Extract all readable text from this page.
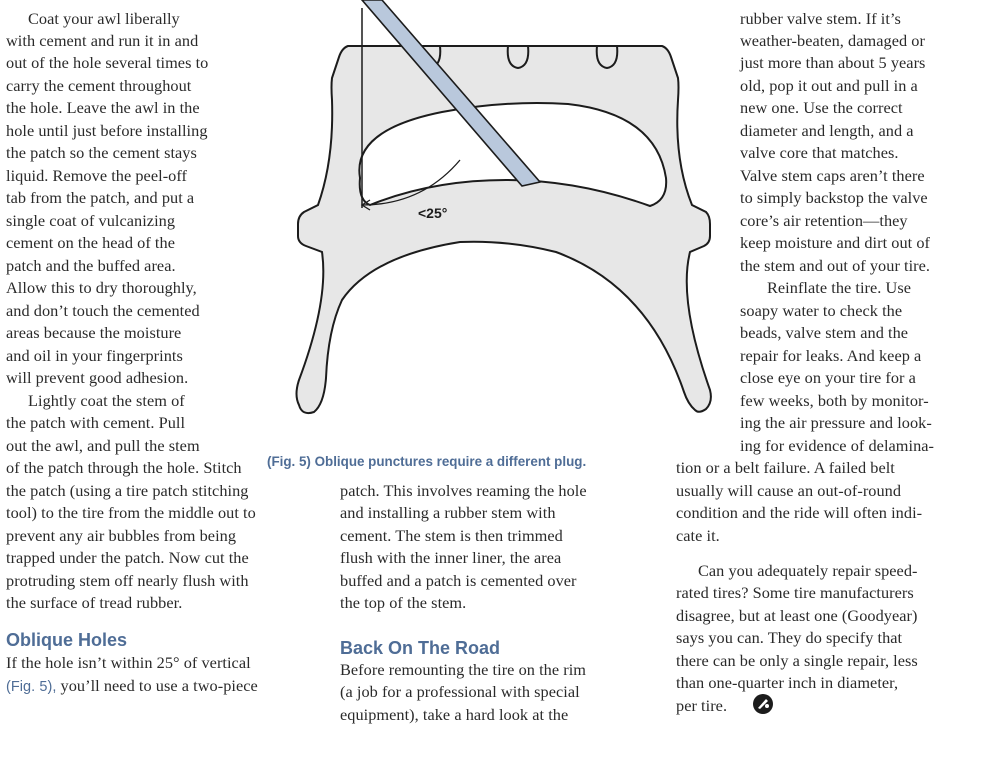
<25°
(Fig. 5) Oblique punctures require a different plug.
Coat your awl liberally
with cement and run it in and
out of the hole several times to
carry the cement throughout
the hole. Leave the awl in the
hole until just before installing
the patch so the cement stays
liquid. Remove the peel-off
tab from the patch, and put a
single coat of vulcanizing
cement on the head of the
patch and the buffed area.
Allow this to dry thoroughly,
and don’t touch the cemented
areas because the moisture
and oil in your fingerprints
will prevent good adhesion.
Lightly coat the stem of
the patch with cement. Pull
out the awl, and pull the stem
of the patch through the hole. Stitch
the patch (using a tire patch stitching
tool) to the tire from the middle out to
prevent any air bubbles from being
trapped under the patch. Now cut the
protruding stem off nearly flush with
the surface of tread rubber.
Oblique Holes
If the hole isn’t within 25° of vertical
(Fig. 5), you’ll need to use a two-piece
patch. This involves reaming the hole
and installing a rubber stem with
cement. The stem is then trimmed
flush with the inner liner, the area
buffed and a patch is cemented over
the top of the stem.
Back On The Road
Before remounting the tire on the rim
(a job for a professional with special
equipment), take a hard look at the
rubber valve stem. If it’s
weather-beaten, damaged or
just more than about 5 years
old, pop it out and pull in a
new one. Use the correct
diameter and length, and a
valve core that matches.
Valve stem caps aren’t there
to simply backstop the valve
core’s air retention—they
keep moisture and dirt out of
the stem and out of your tire.
Reinflate the tire. Use
soapy water to check the
beads, valve stem and the
repair for leaks. And keep a
close eye on your tire for a
few weeks, both by monitor-
ing the air pressure and look-
ing for evidence of delamina-
tion or a belt failure. A failed belt
usually will cause an out-of-round
condition and the ride will often indi-
cate it.
Can you adequately repair speed-
rated tires? Some tire manufacturers
disagree, but at least one (Goodyear)
says you can. They do specify that
there can be only a single repair, less
than one-quarter inch in diameter,
per tire.
